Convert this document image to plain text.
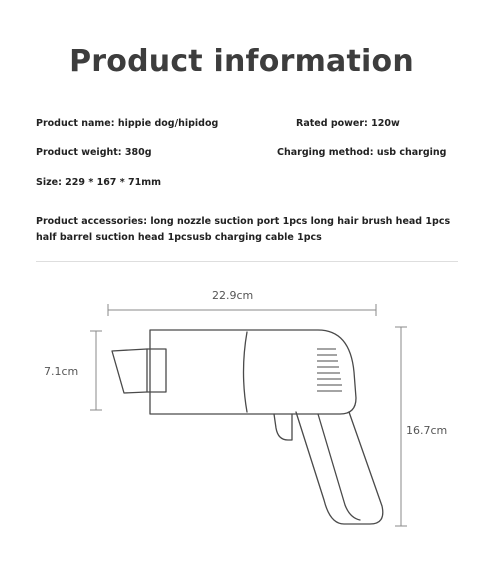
Product information
Product name: hippie dog/hipidog	Rated power: 120w
Product weight: 380g	Charging method: usb charging
Size: 229 * 167 * 71mm
Product accessories: long nozzle suction port 1pcs long hair brush head 1pcs
half barrel suction head 1pcsusb charging cable 1pcs
22.9cm
7.1cm
16.7cm
